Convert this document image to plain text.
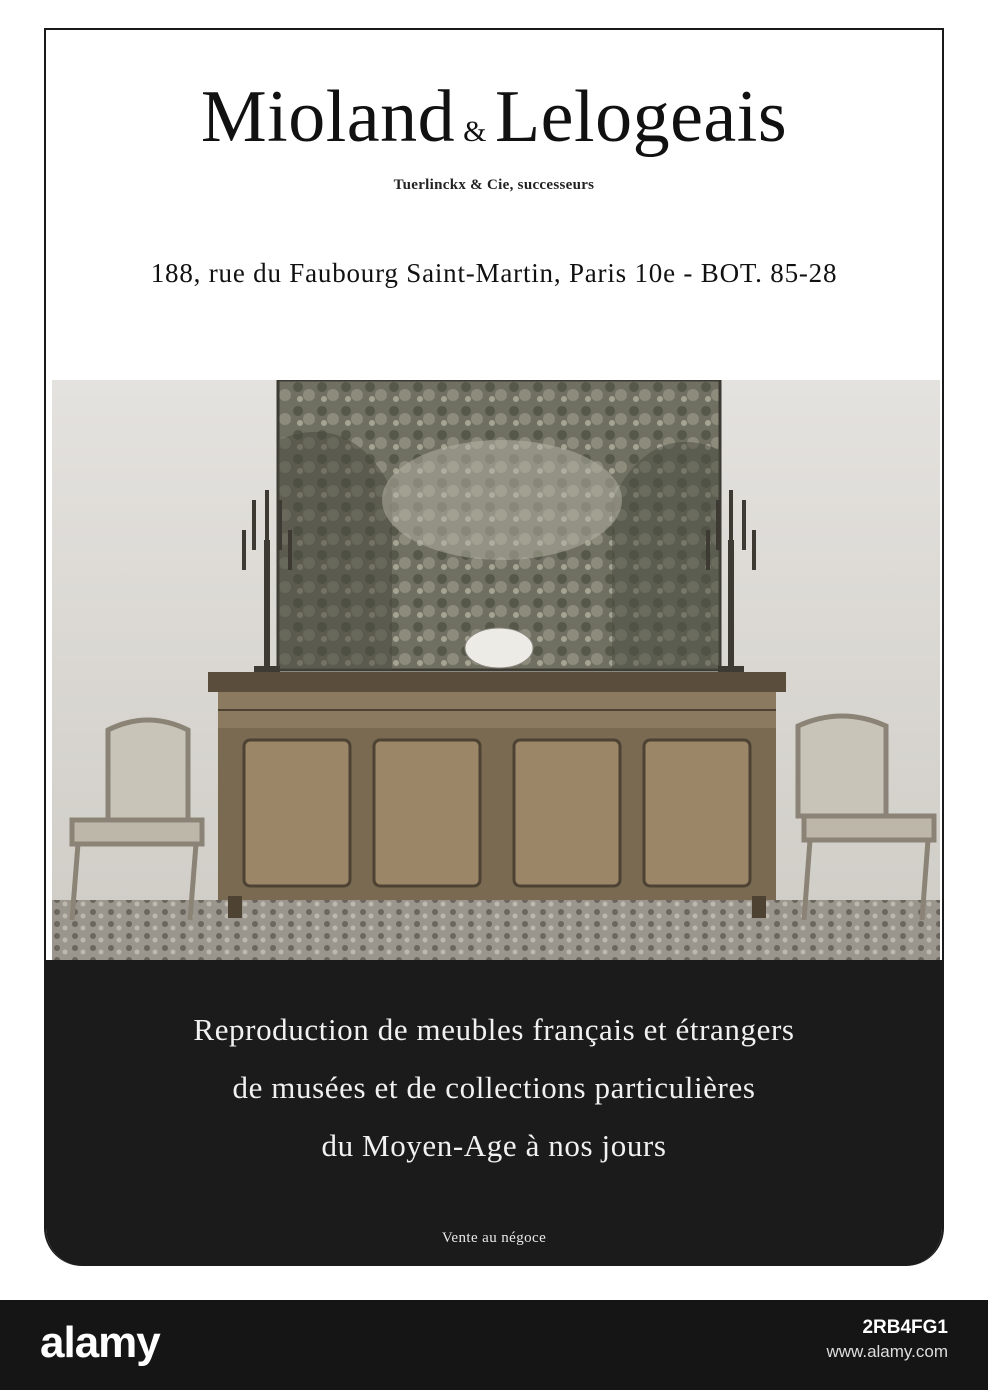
Mioland & Lelogeais
Tuerlinckx & Cie, successeurs
188, rue du Faubourg Saint-Martin, Paris 10e - BOT. 85-28
Reproduction de meubles français et étrangers
de musées et de collections particulières
du Moyen-Age à nos jours
Vente au négoce
alamy	2RB4FG1
www.alamy.com
